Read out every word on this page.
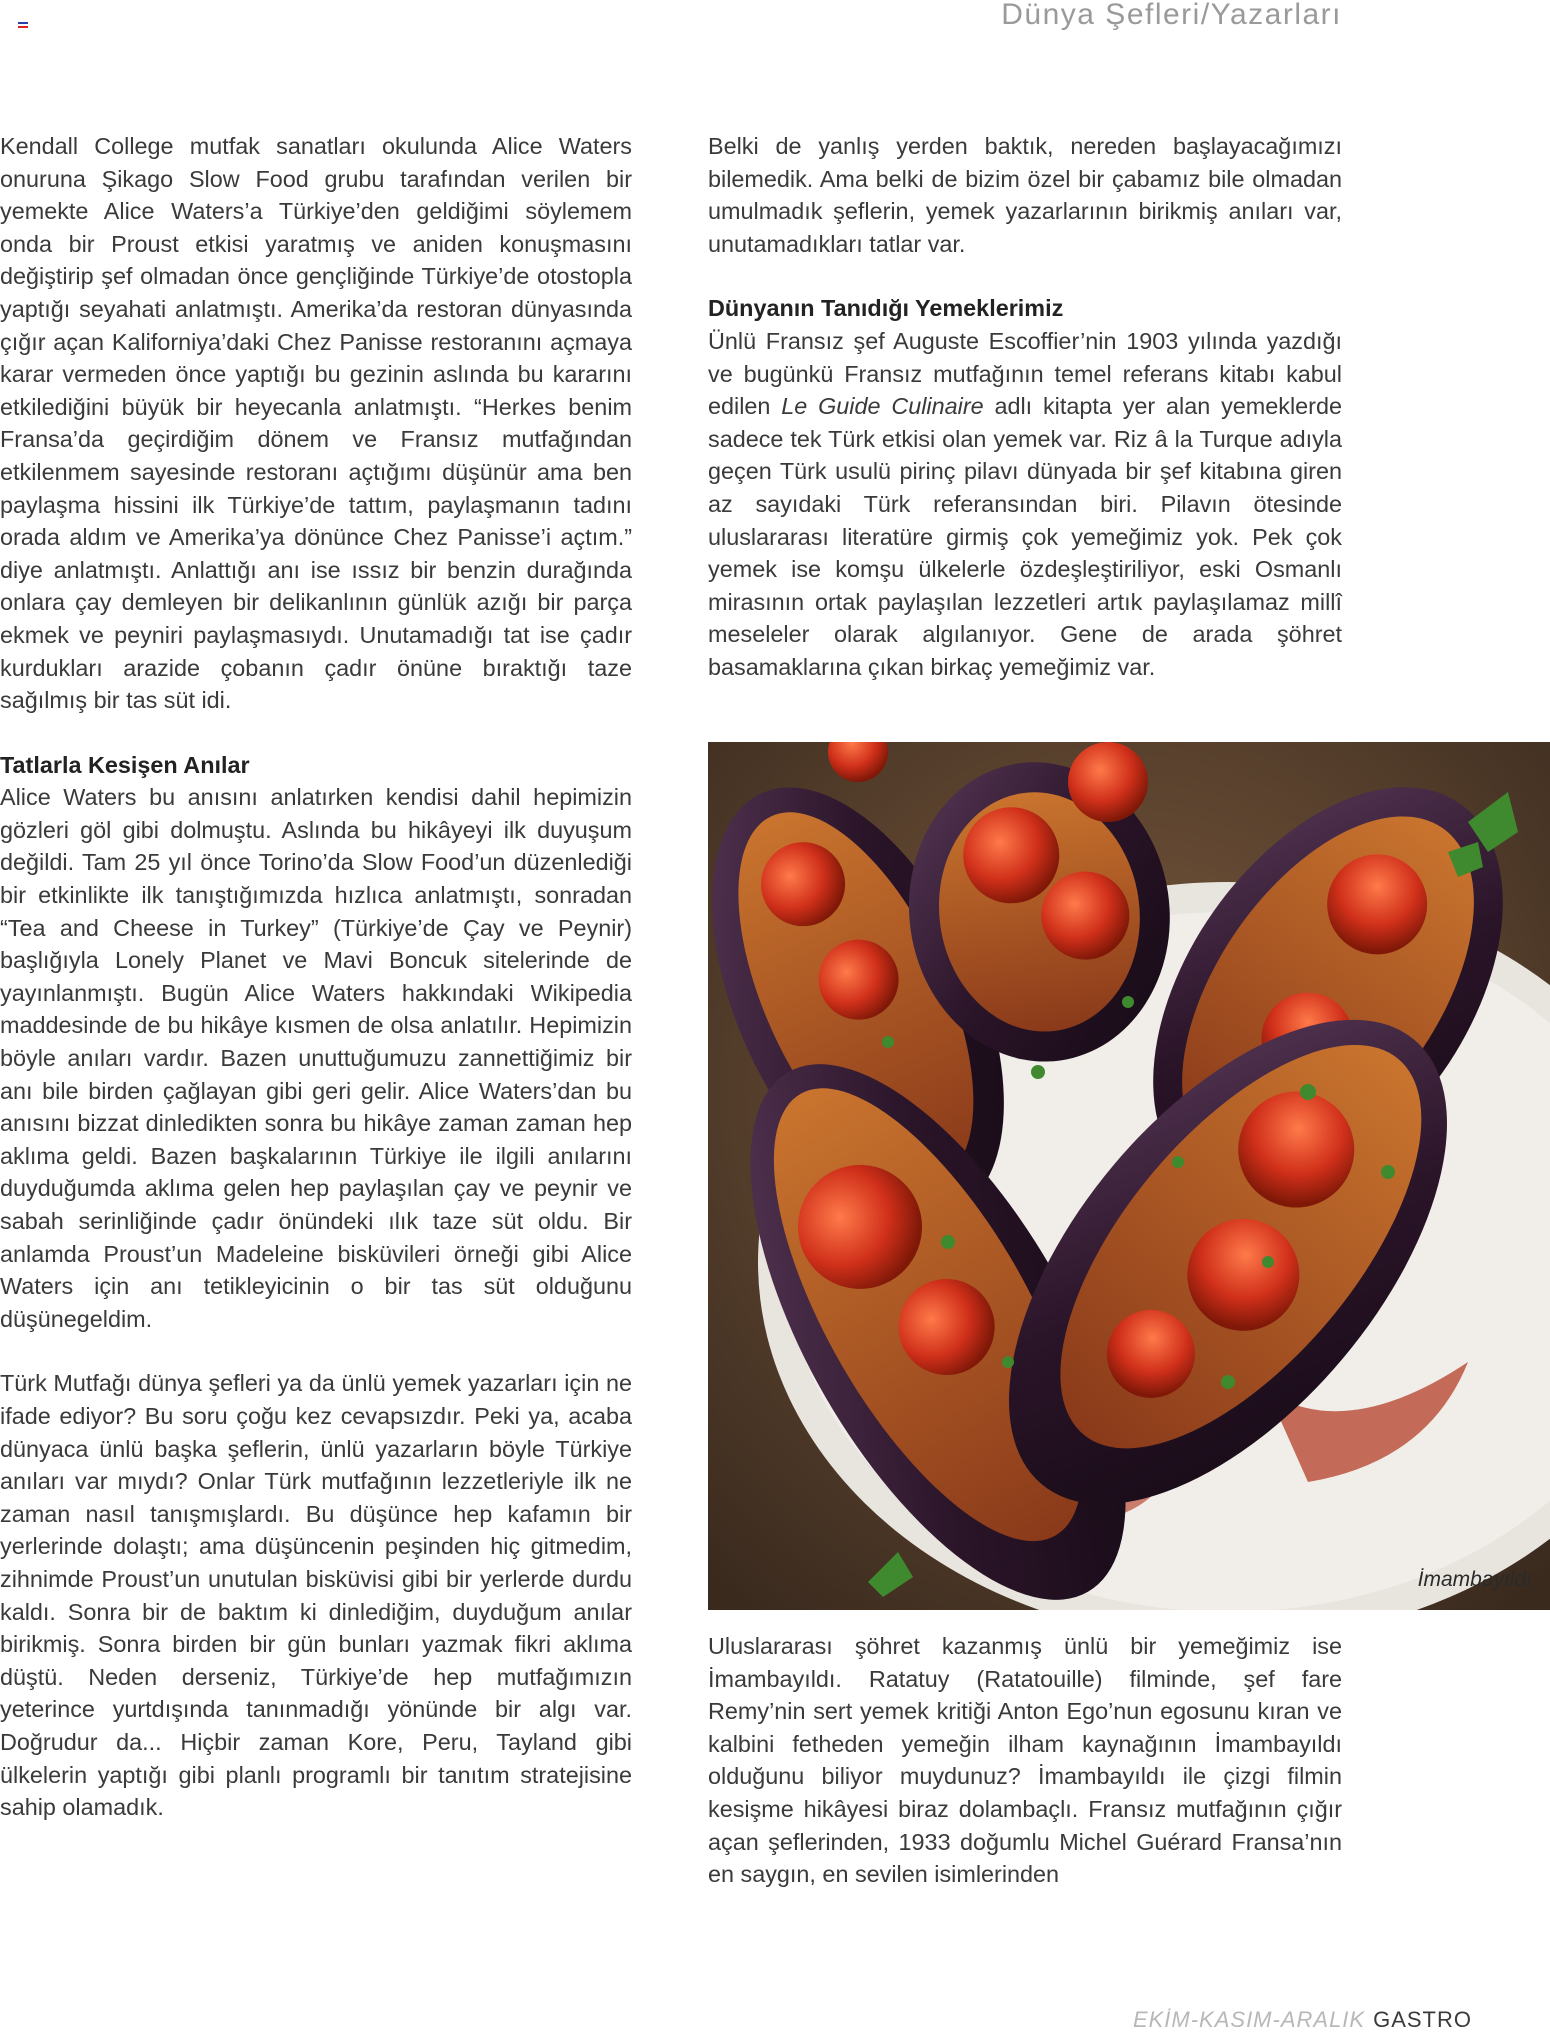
Dünya Şefleri/Yazarları

Kendall College mutfak sanatları okulunda Alice Waters onuruna Şikago Slow Food grubu tarafından verilen bir yemekte Alice Waters’a Türkiye’den geldiğimi söylemem onda bir Proust etkisi yaratmış ve aniden konuşmasını değiştirip şef olmadan önce gençliğinde Türkiye’de otostopla yaptığı seyahati anlatmıştı. Amerika’da restoran dünyasında çığır açan Kaliforniya’daki Chez Panisse restoranını açmaya karar vermeden önce yaptığı bu gezinin aslında bu kararını etkilediğini büyük bir heyecanla anlatmıştı. “Herkes benim Fransa’da geçirdiğim dönem ve Fransız mutfağından etkilenmem sayesinde restoranı açtığımı düşünür ama ben paylaşma hissini ilk Türkiye’de tattım, paylaşmanın tadını orada aldım ve Amerika’ya dönünce Chez Panisse’i açtım.” diye anlatmıştı. Anlattığı anı ise ıssız bir benzin durağında onlara çay demleyen bir delikanlının günlük azığı bir parça ekmek ve peyniri paylaşmasıydı. Unutamadığı tat ise çadır kurdukları arazide çobanın çadır önüne bıraktığı taze sağılmış bir tas süt idi.

Tatlarla Kesişen Anılar

Alice Waters bu anısını anlatırken kendisi dahil hepimizin gözleri göl gibi dolmuştu. Aslında bu hikâyeyi ilk duyuşum değildi. Tam 25 yıl önce Torino’da Slow Food’un düzenlediği bir etkinlikte ilk tanıştığımızda hızlıca anlatmıştı, sonradan “Tea and Cheese in Turkey” (Türkiye’de Çay ve Peynir) başlığıyla Lonely Planet ve Mavi Boncuk sitelerinde de yayınlanmıştı. Bugün Alice Waters hakkındaki Wikipedia maddesinde de bu hikâye kısmen de olsa anlatılır. Hepimizin böyle anıları vardır. Bazen unuttuğumuzu zannettiğimiz bir anı bile birden çağlayan gibi geri gelir. Alice Waters’dan bu anısını bizzat dinledikten sonra bu hikâye zaman zaman hep aklıma geldi. Bazen başkalarının Türkiye ile ilgili anılarını duyduğumda aklıma gelen hep paylaşılan çay ve peynir ve sabah serinliğinde çadır önündeki ılık taze süt oldu. Bir anlamda Proust’un Madeleine bisküvileri örneği gibi Alice Waters için anı tetikleyicinin o bir tas süt olduğunu düşünegeldim.

Türk Mutfağı dünya şefleri ya da ünlü yemek yazarları için ne ifade ediyor? Bu soru çoğu kez cevapsızdır. Peki ya, acaba dünyaca ünlü başka şeflerin, ünlü yazarların böyle Türkiye anıları var mıydı? Onlar Türk mutfağının lezzetleriyle ilk ne zaman nasıl tanışmışlardı. Bu düşünce hep kafamın bir yerlerinde dolaştı; ama düşüncenin peşinden hiç gitmedim, zihnimde Proust’un unutulan bisküvisi gibi bir yerlerde durdu kaldı. Sonra bir de baktım ki dinlediğim, duyduğum anılar birikmiş. Sonra birden bir gün bunları yazmak fikri aklıma düştü. Neden derseniz, Türkiye’de hep mutfağımızın yeterince yurtdışında tanınmadığı yönünde bir algı var. Doğrudur da... Hiçbir zaman Kore, Peru, Tayland gibi ülkelerin yaptığı gibi planlı programlı bir tanıtım stratejisine sahip olamadık.

Belki de yanlış yerden baktık, nereden başlayacağımızı bilemedik. Ama belki de bizim özel bir çabamız bile olmadan umulmadık şeflerin, yemek yazarlarının birikmiş anıları var, unutamadıkları tatlar var.

Dünyanın Tanıdığı Yemeklerimiz

Ünlü Fransız şef Auguste Escoffier’nin 1903 yılında yazdığı ve bugünkü Fransız mutfağının temel referans kitabı kabul edilen Le Guide Culinaire adlı kitapta yer alan yemeklerde sadece tek Türk etkisi olan yemek var. Riz â la Turque adıyla geçen Türk usulü pirinç pilavı dünyada bir şef kitabına giren az sayıdaki Türk referansından biri. Pilavın ötesinde uluslararası literatüre girmiş çok yemeğimiz yok. Pek çok yemek ise komşu ülkelerle özdeşleştiriliyor, eski Osmanlı mirasının ortak paylaşılan lezzetleri artık paylaşılamaz millî meseleler olarak algılanıyor. Gene de arada şöhret basamaklarına çıkan birkaç yemeğimiz var.

İmambayıldı

Uluslararası şöhret kazanmış ünlü bir yemeğimiz ise İmambayıldı. Ratatuy (Ratatouille) filminde, şef fare Remy’nin sert yemek kritiği Anton Ego’nun egosunu kıran ve kalbini fetheden yemeğin ilham kaynağının İmambayıldı olduğunu biliyor muydunuz? İmambayıldı ile çizgi filmin kesişme hikâyesi biraz dolambaçlı. Fransız mutfağının çığır açan şeflerinden, 1933 doğumlu Michel Guérard Fransa’nın en saygın, en sevilen isimlerinden

EKİM-KASIM-ARALIK GASTRO
